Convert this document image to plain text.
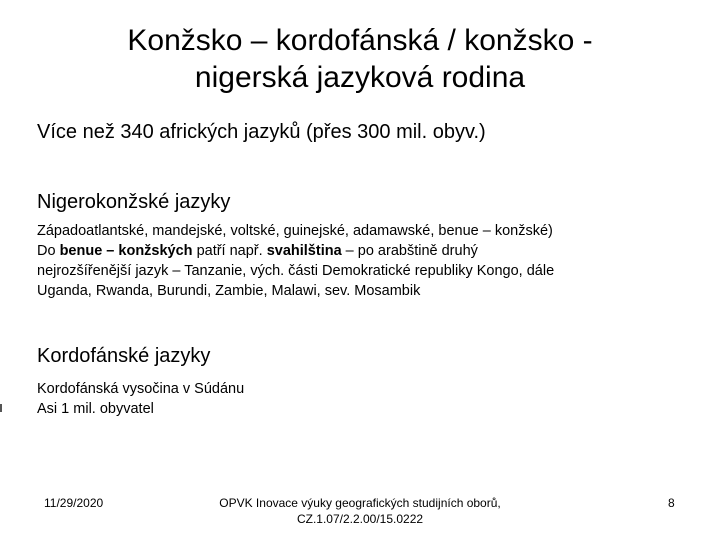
Konžsko – kordofánská / konžsko -
nigerská jazyková rodina
Více než 340 afrických jazyků (přes 300 mil. obyv.)
Nigerokonžské jazyky
Západoatlantské, mandejské, voltské, guinejské, adamawské, benue – konžské)
Do benue – konžských patří např. svahilština – po arabštině druhý
nejrozšířenější jazyk – Tanzanie, vých. části Demokratické republiky Kongo, dále
Uganda, Rwanda, Burundi, Zambie, Malawi, sev. Mosambik
Kordofánské jazyky
Kordofánská vysočina v Súdánu
Asi 1 mil. obyvatel
11/29/2020	OPVK Inovace výuky geografických studijních oborů,
CZ.1.07/2.2.00/15.0222
8
